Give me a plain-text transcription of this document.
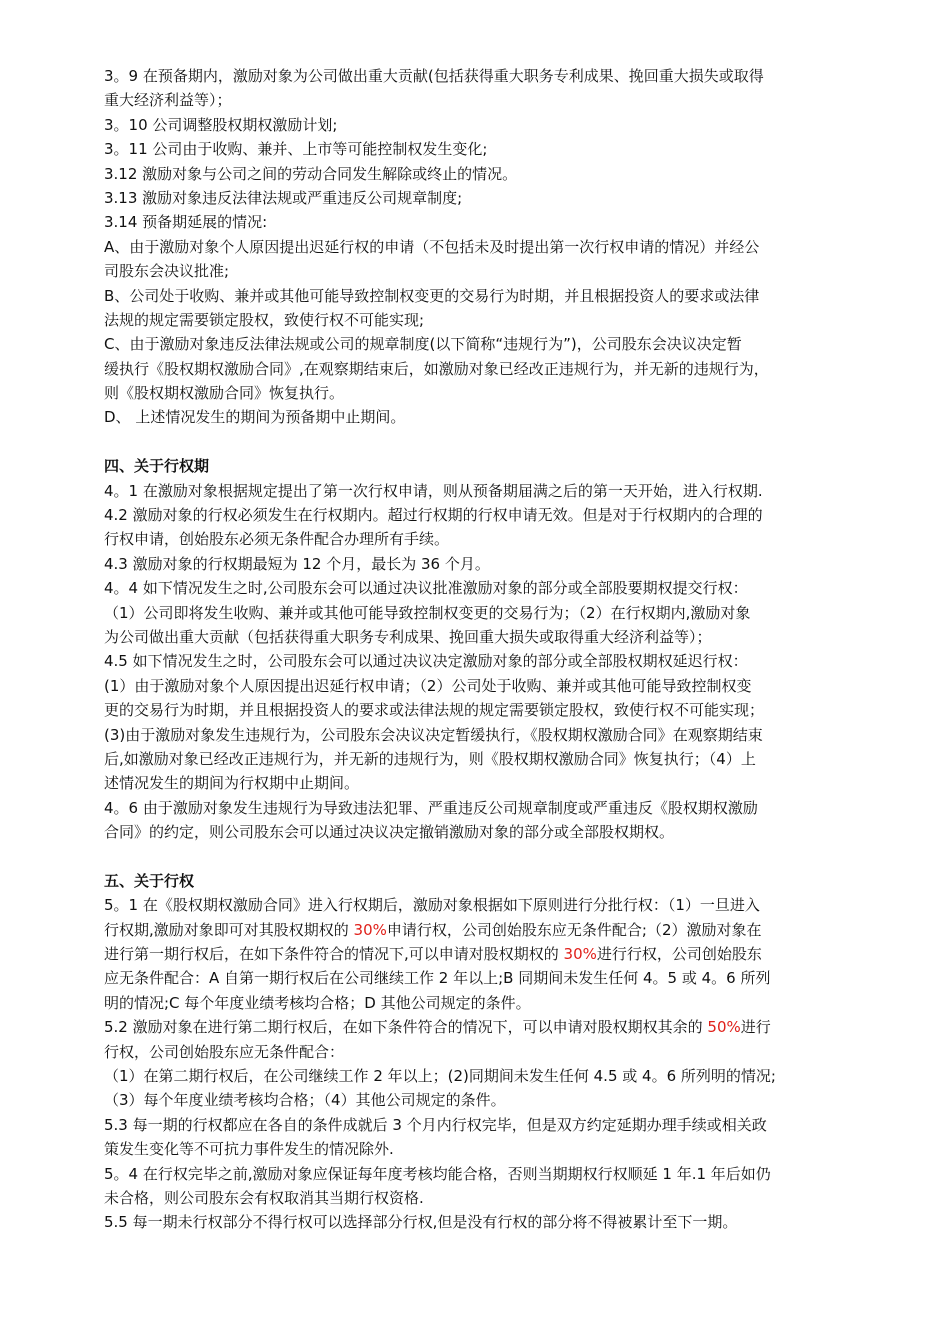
3。9 在预备期内，激励对象为公司做出重大贡献(包括获得重大职务专利成果、挽回重大损失或取得
重大经济利益等）；
3。10 公司调整股权期权激励计划;
3。11 公司由于收购、兼并、上市等可能控制权发生变化;
3.12 激励对象与公司之间的劳动合同发生解除或终止的情况。
3.13 激励对象违反法律法规或严重违反公司规章制度;
3.14 预备期延展的情况:
A、由于激励对象个人原因提出迟延行权的申请（不包括未及时提出第一次行权申请的情况）并经公
司股东会决议批准;
B、公司处于收购、兼并或其他可能导致控制权变更的交易行为时期，并且根据投资人的要求或法律
法规的规定需要锁定股权，致使行权不可能实现;
C、由于激励对象违反法律法规或公司的规章制度(以下简称“违规行为”)，公司股东会决议决定暂
缓执行《股权期权激励合同》,在观察期结束后，如激励对象已经改正违规行为，并无新的违规行为，
则《股权期权激励合同》恢复执行。
D、 上述情况发生的期间为预备期中止期间。
四、关于行权期
4。1 在激励对象根据规定提出了第一次行权申请，则从预备期届满之后的第一天开始，进入行权期.
4.2 激励对象的行权必须发生在行权期内。超过行权期的行权申请无效。但是对于行权期内的合理的
行权申请，创始股东必须无条件配合办理所有手续。
4.3 激励对象的行权期最短为 12 个月，最长为 36 个月。
4。4 如下情况发生之时,公司股东会可以通过决议批准激励对象的部分或全部股要期权提交行权：
（1）公司即将发生收购、兼并或其他可能导致控制权变更的交易行为；（2）在行权期内,激励对象
为公司做出重大贡献（包括获得重大职务专利成果、挽回重大损失或取得重大经济利益等）；
4.5 如下情况发生之时，公司股东会可以通过决议决定激励对象的部分或全部股权期权延迟行权：
(1）由于激励对象个人原因提出迟延行权申请；（2）公司处于收购、兼并或其他可能导致控制权变
更的交易行为时期，并且根据投资人的要求或法律法规的规定需要锁定股权，致使行权不可能实现；
(3)由于激励对象发生违规行为，公司股东会决议决定暂缓执行，《股权期权激励合同》在观察期结束
后,如激励对象已经改正违规行为，并无新的违规行为，则《股权期权激励合同》恢复执行；（4）上
述情况发生的期间为行权期中止期间。
4。6 由于激励对象发生违规行为导致违法犯罪、严重违反公司规章制度或严重违反《股权期权激励
合同》的约定，则公司股东会可以通过决议决定撤销激励对象的部分或全部股权期权。
五、关于行权
5。1 在《股权期权激励合同》进入行权期后，激励对象根据如下原则进行分批行权：（1）一旦进入
行权期,激励对象即可对其股权期权的 30%申请行权，公司创始股东应无条件配合;（2）激励对象在
进行第一期行权后，在如下条件符合的情况下,可以申请对股权期权的 30%进行行权，公司创始股东
应无条件配合：A 自第一期行权后在公司继续工作 2 年以上;B 同期间未发生任何 4。5 或 4。6 所列
明的情况;C 每个年度业绩考核均合格；D 其他公司规定的条件。
5.2 激励对象在进行第二期行权后，在如下条件符合的情况下，可以申请对股权期权其余的 50%进行
行权，公司创始股东应无条件配合：
（1）在第二期行权后，在公司继续工作 2 年以上；(2)同期间未发生任何 4.5 或 4。6 所列明的情况;
（3）每个年度业绩考核均合格；（4）其他公司规定的条件。
5.3 每一期的行权都应在各自的条件成就后 3 个月内行权完毕，但是双方约定延期办理手续或相关政
策发生变化等不可抗力事件发生的情况除外.
5。4 在行权完毕之前,激励对象应保证每年度考核均能合格，否则当期期权行权顺延 1 年.1 年后如仍
未合格，则公司股东会有权取消其当期行权资格.
5.5 每一期未行权部分不得行权可以选择部分行权,但是没有行权的部分将不得被累计至下一期。
